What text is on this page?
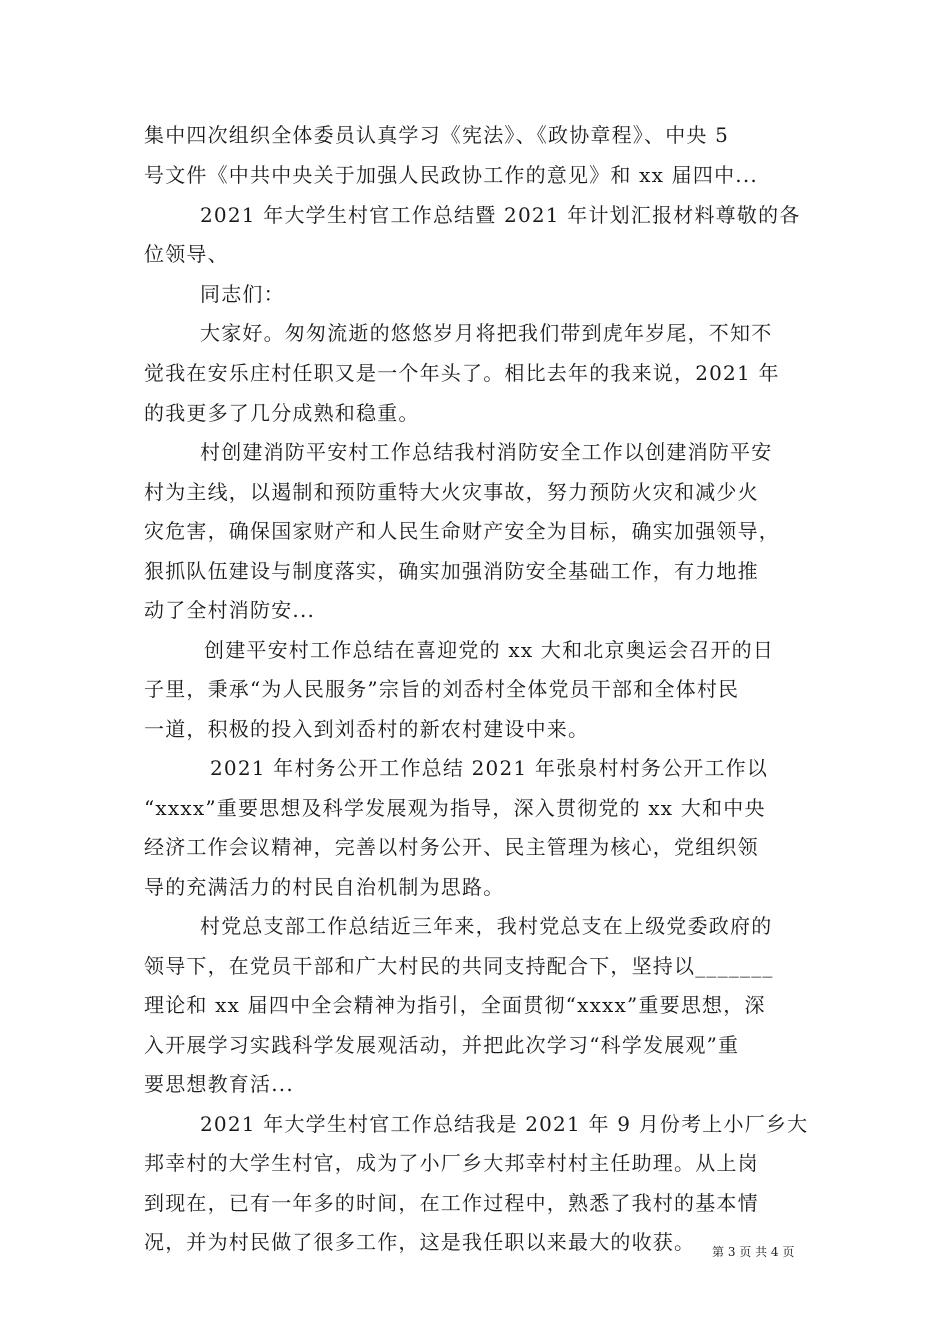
集中四次组织全体委员认真学习《宪法》、《政协章程》、中央 5
号文件《中共中央关于加强人民政协工作的意见》和 xx 届四中...
2021 年大学生村官工作总结暨 2021 年计划汇报材料尊敬的各
位领导、
同志们：
大家好。匆匆流逝的悠悠岁月将把我们带到虎年岁尾，不知不
觉我在安乐庄村任职又是一个年头了。相比去年的我来说，2021 年
的我更多了几分成熟和稳重。
村创建消防平安村工作总结我村消防安全工作以创建消防平安
村为主线，以遏制和预防重特大火灾事故，努力预防火灾和减少火
灾危害，确保国家财产和人民生命财产安全为目标，确实加强领导，
狠抓队伍建设与制度落实，确实加强消防安全基础工作，有力地推
动了全村消防安...
创建平安村工作总结在喜迎党的 xx 大和北京奥运会召开的日
子里，秉承“为人民服务”宗旨的刘岙村全体党员干部和全体村民
一道，积极的投入到刘岙村的新农村建设中来。
2021 年村务公开工作总结 2021 年张泉村村务公开工作以
“xxxx”重要思想及科学发展观为指导，深入贯彻党的 xx 大和中央
经济工作会议精神，完善以村务公开、民主管理为核心，党组织领
导的充满活力的村民自治机制为思路。
村党总支部工作总结近三年来，我村党总支在上级党委政府的
领导下，在党员干部和广大村民的共同支持配合下，坚持以_______
理论和 xx 届四中全会精神为指引，全面贯彻“xxxx”重要思想，深
入开展学习实践科学发展观活动，并把此次学习“科学发展观”重
要思想教育活...
2021 年大学生村官工作总结我是 2021 年 9 月份考上小厂乡大
邦幸村的大学生村官，成为了小厂乡大邦幸村村主任助理。从上岗
到现在，已有一年多的时间，在工作过程中，熟悉了我村的基本情
况，并为村民做了很多工作，这是我任职以来最大的收获。 第 3 页 共 4 页
